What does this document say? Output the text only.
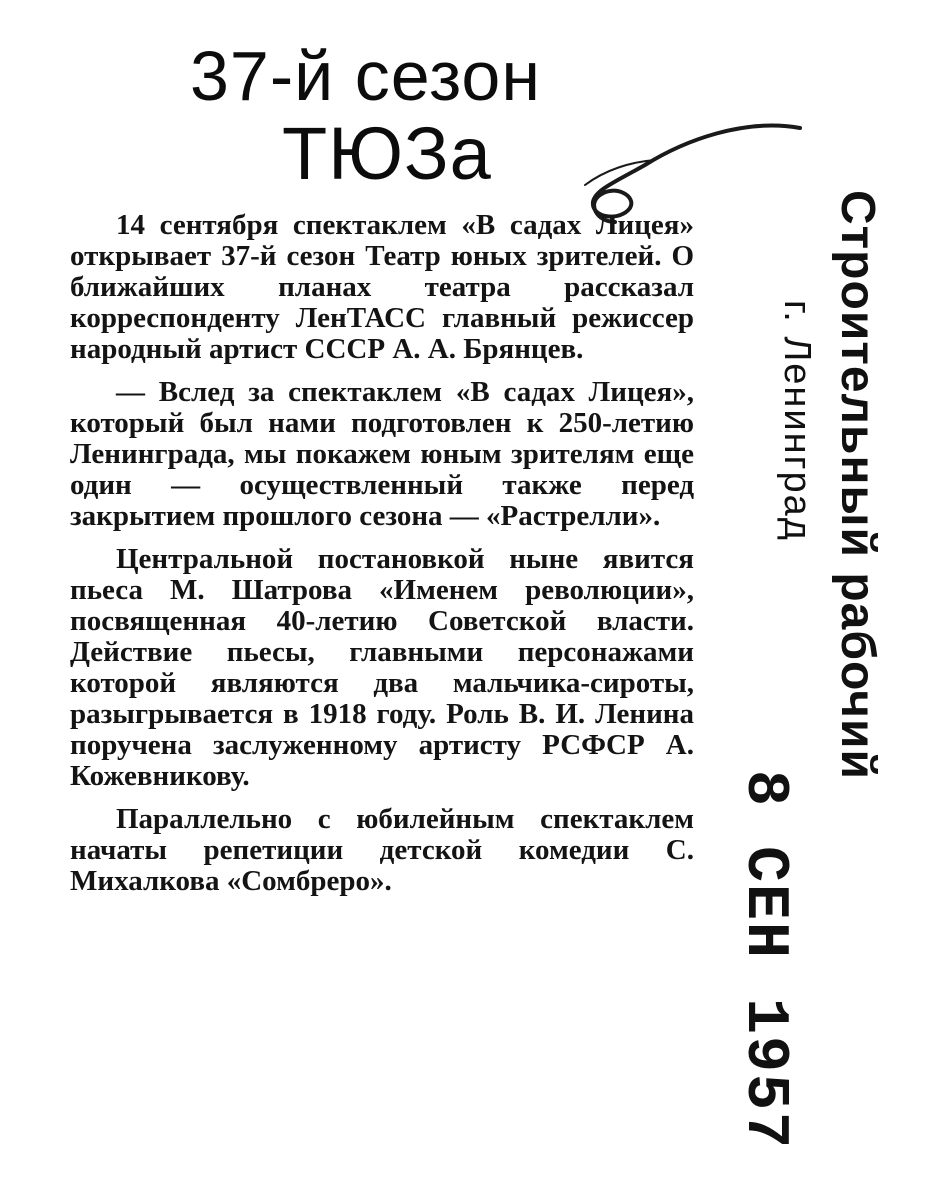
37-й сезон
ТЮЗа

14 сентября спектаклем «В садах Лицея» открывает 37-й сезон Театр юных зрителей. О ближайших планах театра рассказал корреспонденту ЛенТАСС главный режиссер народный артист СССР А. А. Брянцев.

— Вслед за спектаклем «В садах Лицея», который был нами подготовлен к 250-летию Ленинграда, мы покажем юным зрителям еще один — осуществленный также перед закрытием прошлого сезона — «Растрелли».

Центральной постановкой ныне явится пьеса М. Шатрова «Именем революции», посвященная 40-летию Советской власти. Действие пьесы, главными персонажами которой являются два мальчика-сироты, разыгрывается в 1918 году. Роль В. И. Ленина поручена заслуженному артисту РСФСР А. Кожевникову.

Параллельно с юбилейным спектаклем начаты репетиции детской комедии С. Михалкова «Сомбреро».

Строительный рабочий
г. Ленинград
8 СЕН 1957
